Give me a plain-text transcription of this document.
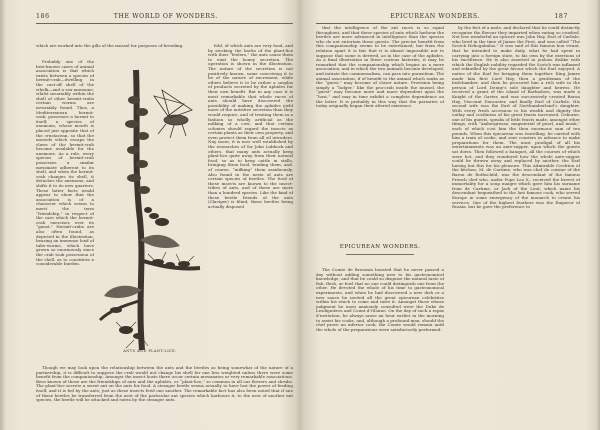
186	THE WORLD OF WONDERS.

which are worked into the gills of the mussel for purposes of breeding.

Probably one of the best-known cases of animal association is that which exists between a species of hermit-crab—dwelling in the cast-off shell of the whelk—and a sea-anemone; whilst invariably within the shell of other hermit-crabs certain worms are invariably found. Thus, a Mediterranean hermit-crab, possesses a hermit to itself, a species of anemone, whose mouth is placed just opposite that of the crustacean, so that the morsels which escape the claws of the hermit-crab become available for the anemone. As a rule, every species of hermit-crab possesses a similar messmate adherent to its shell, and when the hermit-crab changes its shell, it detaches the anemone, and shifts it to its new quarters. These latter facts would appear to show that the association is of a character which seems to merit the term “friendship,” in respect of the care which the hermit-crab exercises over its “guest.” Hermit-crabs are also often found, as depicted in the illustration, bearing an immense load of tube-worms, which have grown so enormously since the crab took possession of the shell, as to constitute a considerable burden.

ANTS AND PLANT-LICE.

fold, of which ants are very fond, and by stroking the backs of the plant-lice with their “feelers,” the ants cause them to emit the honey secretion. The operation is shown in the illustration. The nature of the secretion is not positively known, some conceiving it to be of the nature of excrement, while others believe it to be rather a surplus of products secreted by the aphides for their own benefit. But in any case it is most remarkable that whole races of ants should have discovered the possibility of making the aphides yield more of the nutritive secretion than they would require, and of treating them in a fashion so wholly artificial as the milking of a cow; and that certain colonies should regard the insects as certain plants as their own property, and even protect them from all oil intruders. Nay more, it is now well established by the researches of Sir John Lubbock and others, that many ants actually keep plant-lice quite away from their natural food, so as to keep cattle in stalls, bringing them food, tending them, and, of course, “milking” them assiduously. Also found in the nests of ants are certain species of beetles. The food of these insects are known to the insect-tribes of ants, and of these are more than a hundred species. Like the kind of these beetle friends of the ants (Claviger) is blind; these beetles being actually disposed

Though we may look upon the relationship between the ants and the beetles as being somewhat of the nature of a partnership, it is difficult to suppose the crab would not change his shell for one less weighted unless there were some benefit from the companionship. Amongst the insect hosts there occur certain messmates or very remarkable associations. Bees known of these are the friendships of ants and the aphides, or “plant-lice,” so common in all our flowers and shrubs. The plant-lice secrete a sweet ant on the ants for food. A stranger beetle seems actually to have lost the power of feeding itself, and it is fed by the ants; just as these insects feed one another. The remarkable fact has also been noted that if one of these beetles be transferred from the nest of the particular ant species which harbours it, to the nest of another ant species, the beetle will be attacked and eaten by the stranger ants.

EPICUREAN WONDERS.	187

that the intelligence of the ant races is so equal throughout, and that these species of ants which harbour the beetles are more advanced in intelligence than the species who do not entertain these guests. The precise benefit from this companionship seems to be entertained; but from the relation apart it is fair that it is almost impossible not to suppose that some is derived, as in the case of the aphides. As a final illustration in these curious histories, it may be remarked that the companionship which begins as a mere association, and in which the two animals become developed, and initiate the commensalism, can pass into parasitism. The animal association, if of benefit to the animal which ranks as the “guest,” may become of closer nature. Provision being simply a “lodger,” like the pea-crab inside the mussel, the “guest” may become more and more dependent upon the “host,” and may in time exhibit a complete dependence on the latter. It is probably in this way that the parasites of today originally began their altered existence.

EPICUREAN WONDERS.

The Comte de Broussin boasted that he never passed a day without adding something new to his gastronomical knowledge; and that he could so disguise the natural taste of fish, flesh, or fowl that no one could distinguish one from the other. He devoted the whole of his time to gastronomical experiments, and when he had discovered a new dish or a new sauce he invited all the great epicurean celebrities within his reach to come and taste it. Amongst those whose judgment he most anxiously consulted were the Duke de Lesdiguières and Count d’Olonne. On the day of such a repas d’invitation, he always arose an hour earlier in the morning to assist his cooks, and, although a profound man, should the chef prove an inferior cook, the Comte would remain until the whole of the preparations were satisfactorily performed.

by the feet of a mole, and declared that he could distinctly recognise the flavour they imparted when eating so crushed. Not less wonderful an epicure was John Hay, Earl of Carlisle, who lived in the time of James the First, and was called “The Scotch Heliogabalus.” It was said of this famous bon vivant, that he intended to make daily, what he had spent in carrying into a foreign state, to his own by the exertions of his excellence. He is also asserted in jealous dislike with which the English nobility regarded the Scotch was inflamed and rekindled by the great favour which the Earl enjoyed. A native of the Earl for bringing them together. King James made him first Lord Hay, then a gentleman of the bedchamber, and then he procured him a rich wife in the person of Lord Denny’s sole daughter and heiress. He received a grant of the island of Barbadoes, was made a Knight of the Garter, and was successively created Baron Hay, Viscount Doncaster, and finally Earl of Carlisle. His second wife was the Earl of Northumberland’s daughter. With every fresh accession to his wealth and dignity the outlay and costliness of his great feasts increased. Osborne, one of his guests, speaks of little feasts made, amongst other things, with “ambergrease, magisterial of pearl, and musk,” each of which cost him the then enormous sum of ten pounds. When this epicurean was travelling, he carried with him a train of cooks, and sent couriers in advance to make preparations for them. The most prodigal of all his entertainments was an ante-supper, upon which the guests sat down. Then followed a banquet, all the courses of which were hot, and they wondered how the whole ante-supper could be thrown away and replaced by another, the Earl having but this for his pleasure. This Admirable Crichton of the kitchen, M. de Cartime, who was chef de cuisine of the Baron de Rothschild, was the descendant of the famous French chef who, under Pope Leo X., received the brevet of immortality for a soup maigre which gave him his surname from de Cartime, or Jack of the Lent; which name his descendant bequeathed to the last famous cook, who served Europe in some emergency of the monarch to create his services. One of the highest feathers was the Emperor of Russia, but he gave the preference to
